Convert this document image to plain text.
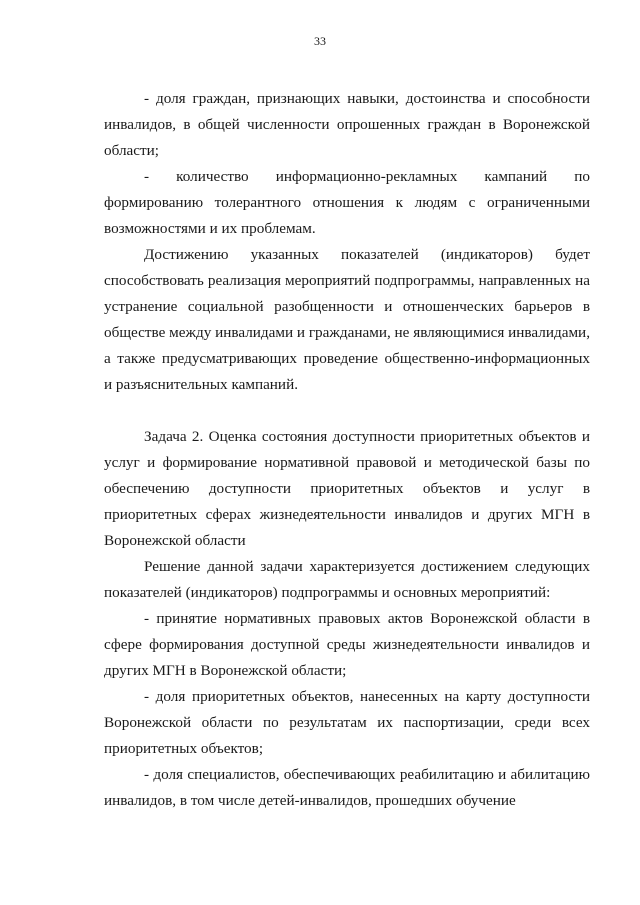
33

- доля граждан, признающих навыки, достоинства и способности инвалидов, в общей численности опрошенных граждан в Воронежской области;

- количество информационно-рекламных кампаний по формированию толерантного отношения к людям с ограниченными возможностями и их проблемам.

Достижению указанных показателей (индикаторов) будет способствовать реализация мероприятий подпрограммы, направленных на устранение социальной разобщенности и отношенческих барьеров в обществе между инвалидами и гражданами, не являющимися инвалидами, а также предусматривающих проведение общественно-информационных и разъяснительных кампаний.

Задача 2. Оценка состояния доступности приоритетных объектов и услуг и формирование нормативной правовой и методической базы по обеспечению доступности приоритетных объектов и услуг в приоритетных сферах жизнедеятельности инвалидов и других МГН в Воронежской области

Решение данной задачи характеризуется достижением следующих показателей (индикаторов) подпрограммы и основных мероприятий:

- принятие нормативных правовых актов Воронежской области в сфере формирования доступной среды жизнедеятельности инвалидов и других МГН в Воронежской области;

- доля приоритетных объектов, нанесенных на карту доступности Воронежской области по результатам их паспортизации, среди всех приоритетных объектов;

- доля специалистов, обеспечивающих реабилитацию и абилитацию инвалидов, в том числе детей-инвалидов, прошедших обучение
